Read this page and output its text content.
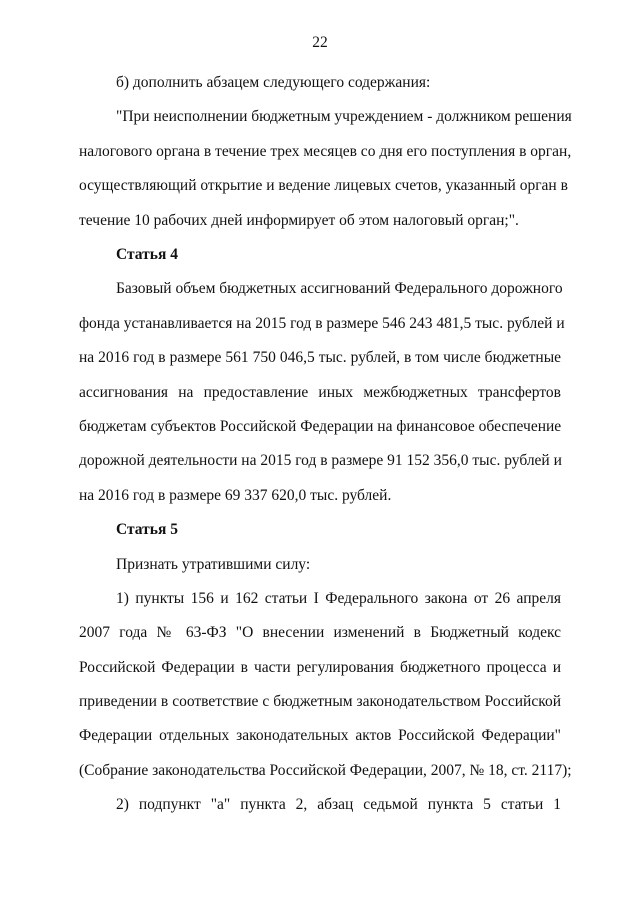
22
б) дополнить абзацем следующего содержания:
"При неисполнении бюджетным учреждением - должником решения
налогового органа в течение трех месяцев со дня его поступления в орган,
осуществляющий открытие и ведение лицевых счетов, указанный орган в
течение 10 рабочих дней информирует об этом налоговый орган;".
Статья 4
Базовый объем бюджетных ассигнований Федерального дорожного
фонда устанавливается на 2015 год в размере 546 243 481,5 тыс. рублей и
на 2016 год в размере 561 750 046,5 тыс. рублей, в том числе бюджетные
ассигнования на предоставление иных межбюджетных трансфертов
бюджетам субъектов Российской Федерации на финансовое обеспечение
дорожной деятельности на 2015 год в размере 91 152 356,0 тыс. рублей и
на 2016 год в размере 69 337 620,0 тыс. рублей.
Статья 5
Признать утратившими силу:
1) пункты 156 и 162 статьи I Федерального закона от 26 апреля
2007 года № 63-ФЗ "О внесении изменений в Бюджетный кодекс
Российской Федерации в части регулирования бюджетного процесса и
приведении в соответствие с бюджетным законодательством Российской
Федерации отдельных законодательных актов Российской Федерации"
(Собрание законодательства Российской Федерации, 2007, № 18, ст. 2117);
2) подпункт "а" пункта 2, абзац седьмой пункта 5 статьи 1
